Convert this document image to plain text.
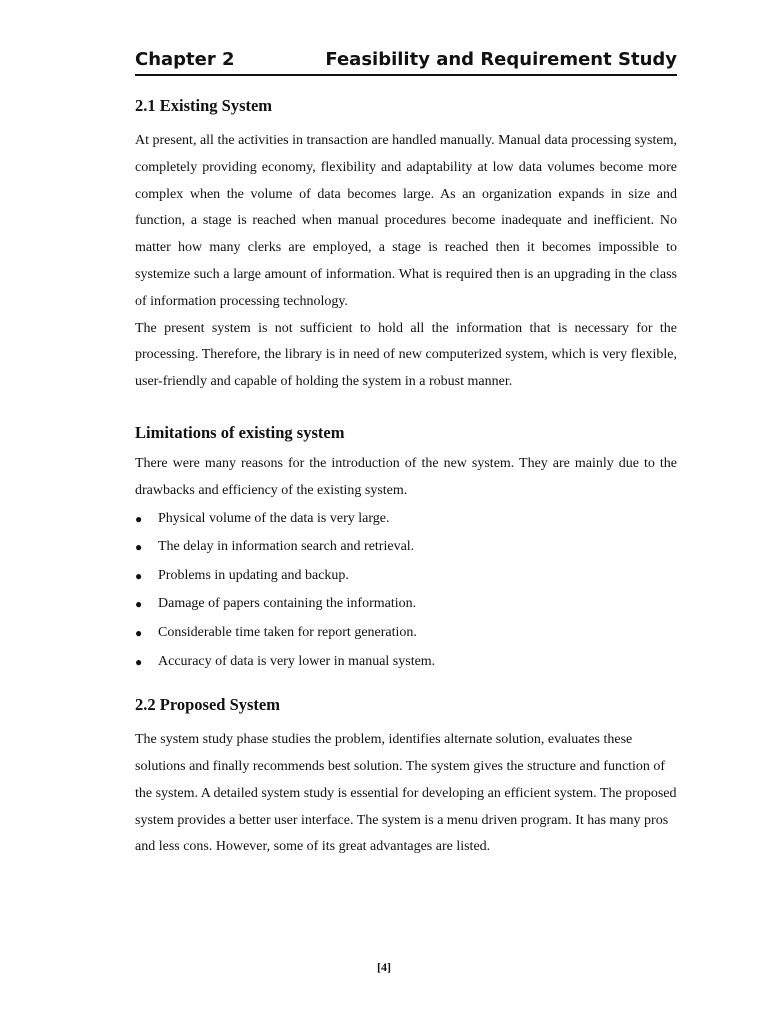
Chapter 2	Feasibility and Requirement Study
2.1 Existing System

At present, all the activities in transaction are handled manually. Manual data processing system, completely providing economy, flexibility and adaptability at low data volumes become more complex when the volume of data becomes large. As an organization expands in size and function, a stage is reached when manual procedures become inadequate and inefficient. No matter how many clerks are employed, a stage is reached then it becomes impossible to systemize such a large amount of information. What is required then is an upgrading in the class of information processing technology.

The present system is not sufficient to hold all the information that is necessary for the processing. Therefore, the library is in need of new computerized system, which is very flexible, user-friendly and capable of holding the system in a robust manner.

Limitations of existing system

There were many reasons for the introduction of the new system. They are mainly due to the drawbacks and efficiency of the existing system.

● Physical volume of the data is very large.
● The delay in information search and retrieval.
● Problems in updating and backup.
● Damage of papers containing the information.
● Considerable time taken for report generation.
● Accuracy of data is very lower in manual system.
2.2 Proposed System

The system study phase studies the problem, identifies alternate solution, evaluates these solutions and finally recommends best solution. The system gives the structure and function of the system. A detailed system study is essential for developing an efficient system. The proposed system provides a better user interface. The system is a menu driven program. It has many pros and less cons. However, some of its great advantages are listed.

[4]
